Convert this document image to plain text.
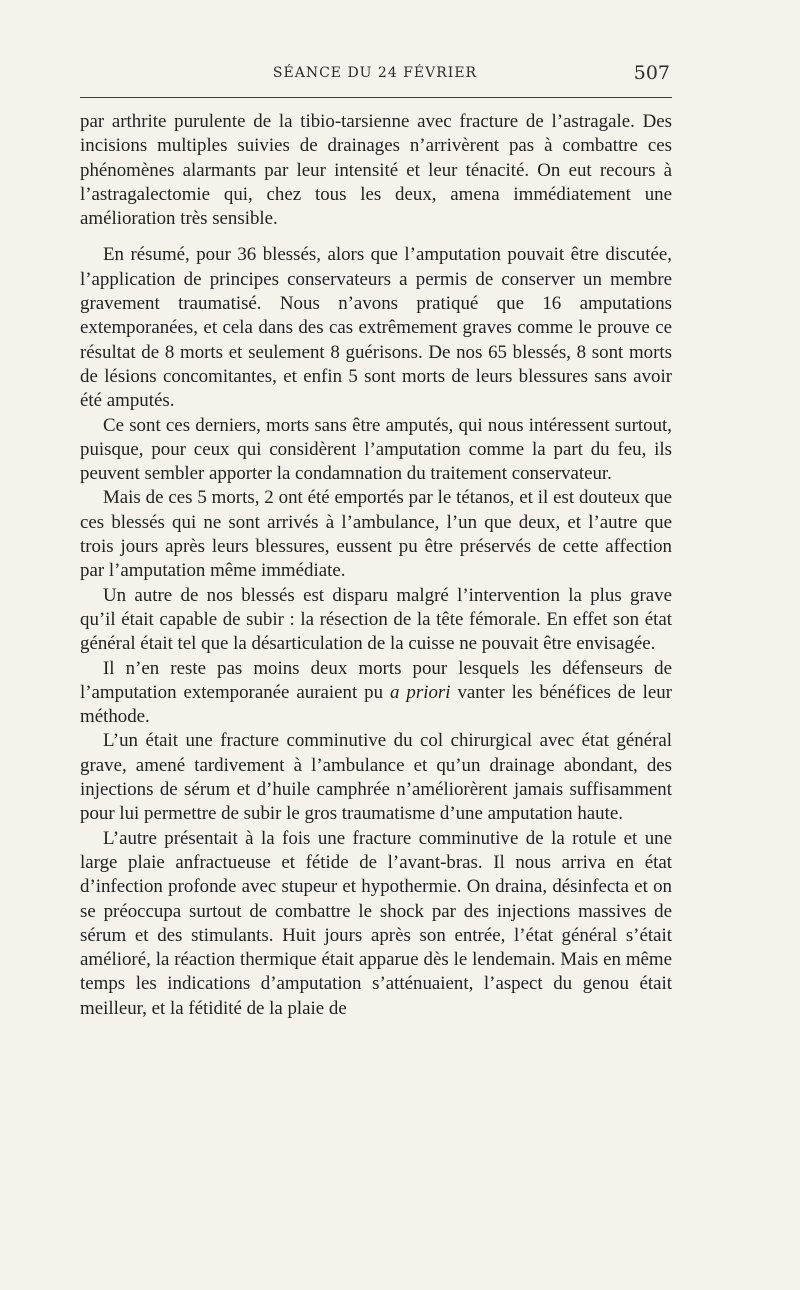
SÉANCE DU 24 FÉVRIER	507

par arthrite purulente de la tibio-tarsienne avec fracture de l’astragale. Des incisions multiples suivies de drainages n’arrivèrent pas à combattre ces phénomènes alarmants par leur intensité et leur ténacité. On eut recours à l’astragalectomie qui, chez tous les deux, amena immédiatement une amélioration très sensible.

En résumé, pour 36 blessés, alors que l’amputation pouvait être discutée, l’application de principes conservateurs a permis de conserver un membre gravement traumatisé. Nous n’avons pratiqué que 16 amputations extemporanées, et cela dans des cas extrêmement graves comme le prouve ce résultat de 8 morts et seulement 8 guérisons. De nos 65 blessés, 8 sont morts de lésions concomitantes, et enfin 5 sont morts de leurs blessures sans avoir été amputés.

Ce sont ces derniers, morts sans être amputés, qui nous intéressent surtout, puisque, pour ceux qui considèrent l’amputation comme la part du feu, ils peuvent sembler apporter la condamnation du traitement conservateur.

Mais de ces 5 morts, 2 ont été emportés par le tétanos, et il est douteux que ces blessés qui ne sont arrivés à l’ambulance, l’un que deux, et l’autre que trois jours après leurs blessures, eussent pu être préservés de cette affection par l’amputation même immédiate.

Un autre de nos blessés est disparu malgré l’intervention la plus grave qu’il était capable de subir : la résection de la tête fémorale. En effet son état général était tel que la désarticulation de la cuisse ne pouvait être envisagée.

Il n’en reste pas moins deux morts pour lesquels les défenseurs de l’amputation extemporanée auraient pu a priori vanter les bénéfices de leur méthode.

L’un était une fracture comminutive du col chirurgical avec état général grave, amené tardivement à l’ambulance et qu’un drainage abondant, des injections de sérum et d’huile camphrée n’améliorèrent jamais suffisamment pour lui permettre de subir le gros traumatisme d’une amputation haute.

L’autre présentait à la fois une fracture comminutive de la rotule et une large plaie anfractueuse et fétide de l’avant-bras. Il nous arriva en état d’infection profonde avec stupeur et hypothermie. On draina, désinfecta et on se préoccupa surtout de combattre le shock par des injections massives de sérum et des stimulants. Huit jours après son entrée, l’état général s’était amélioré, la réaction thermique était apparue dès le lendemain. Mais en même temps les indications d’amputation s’atténuaient, l’aspect du genou était meilleur, et la fétidité de la plaie de
